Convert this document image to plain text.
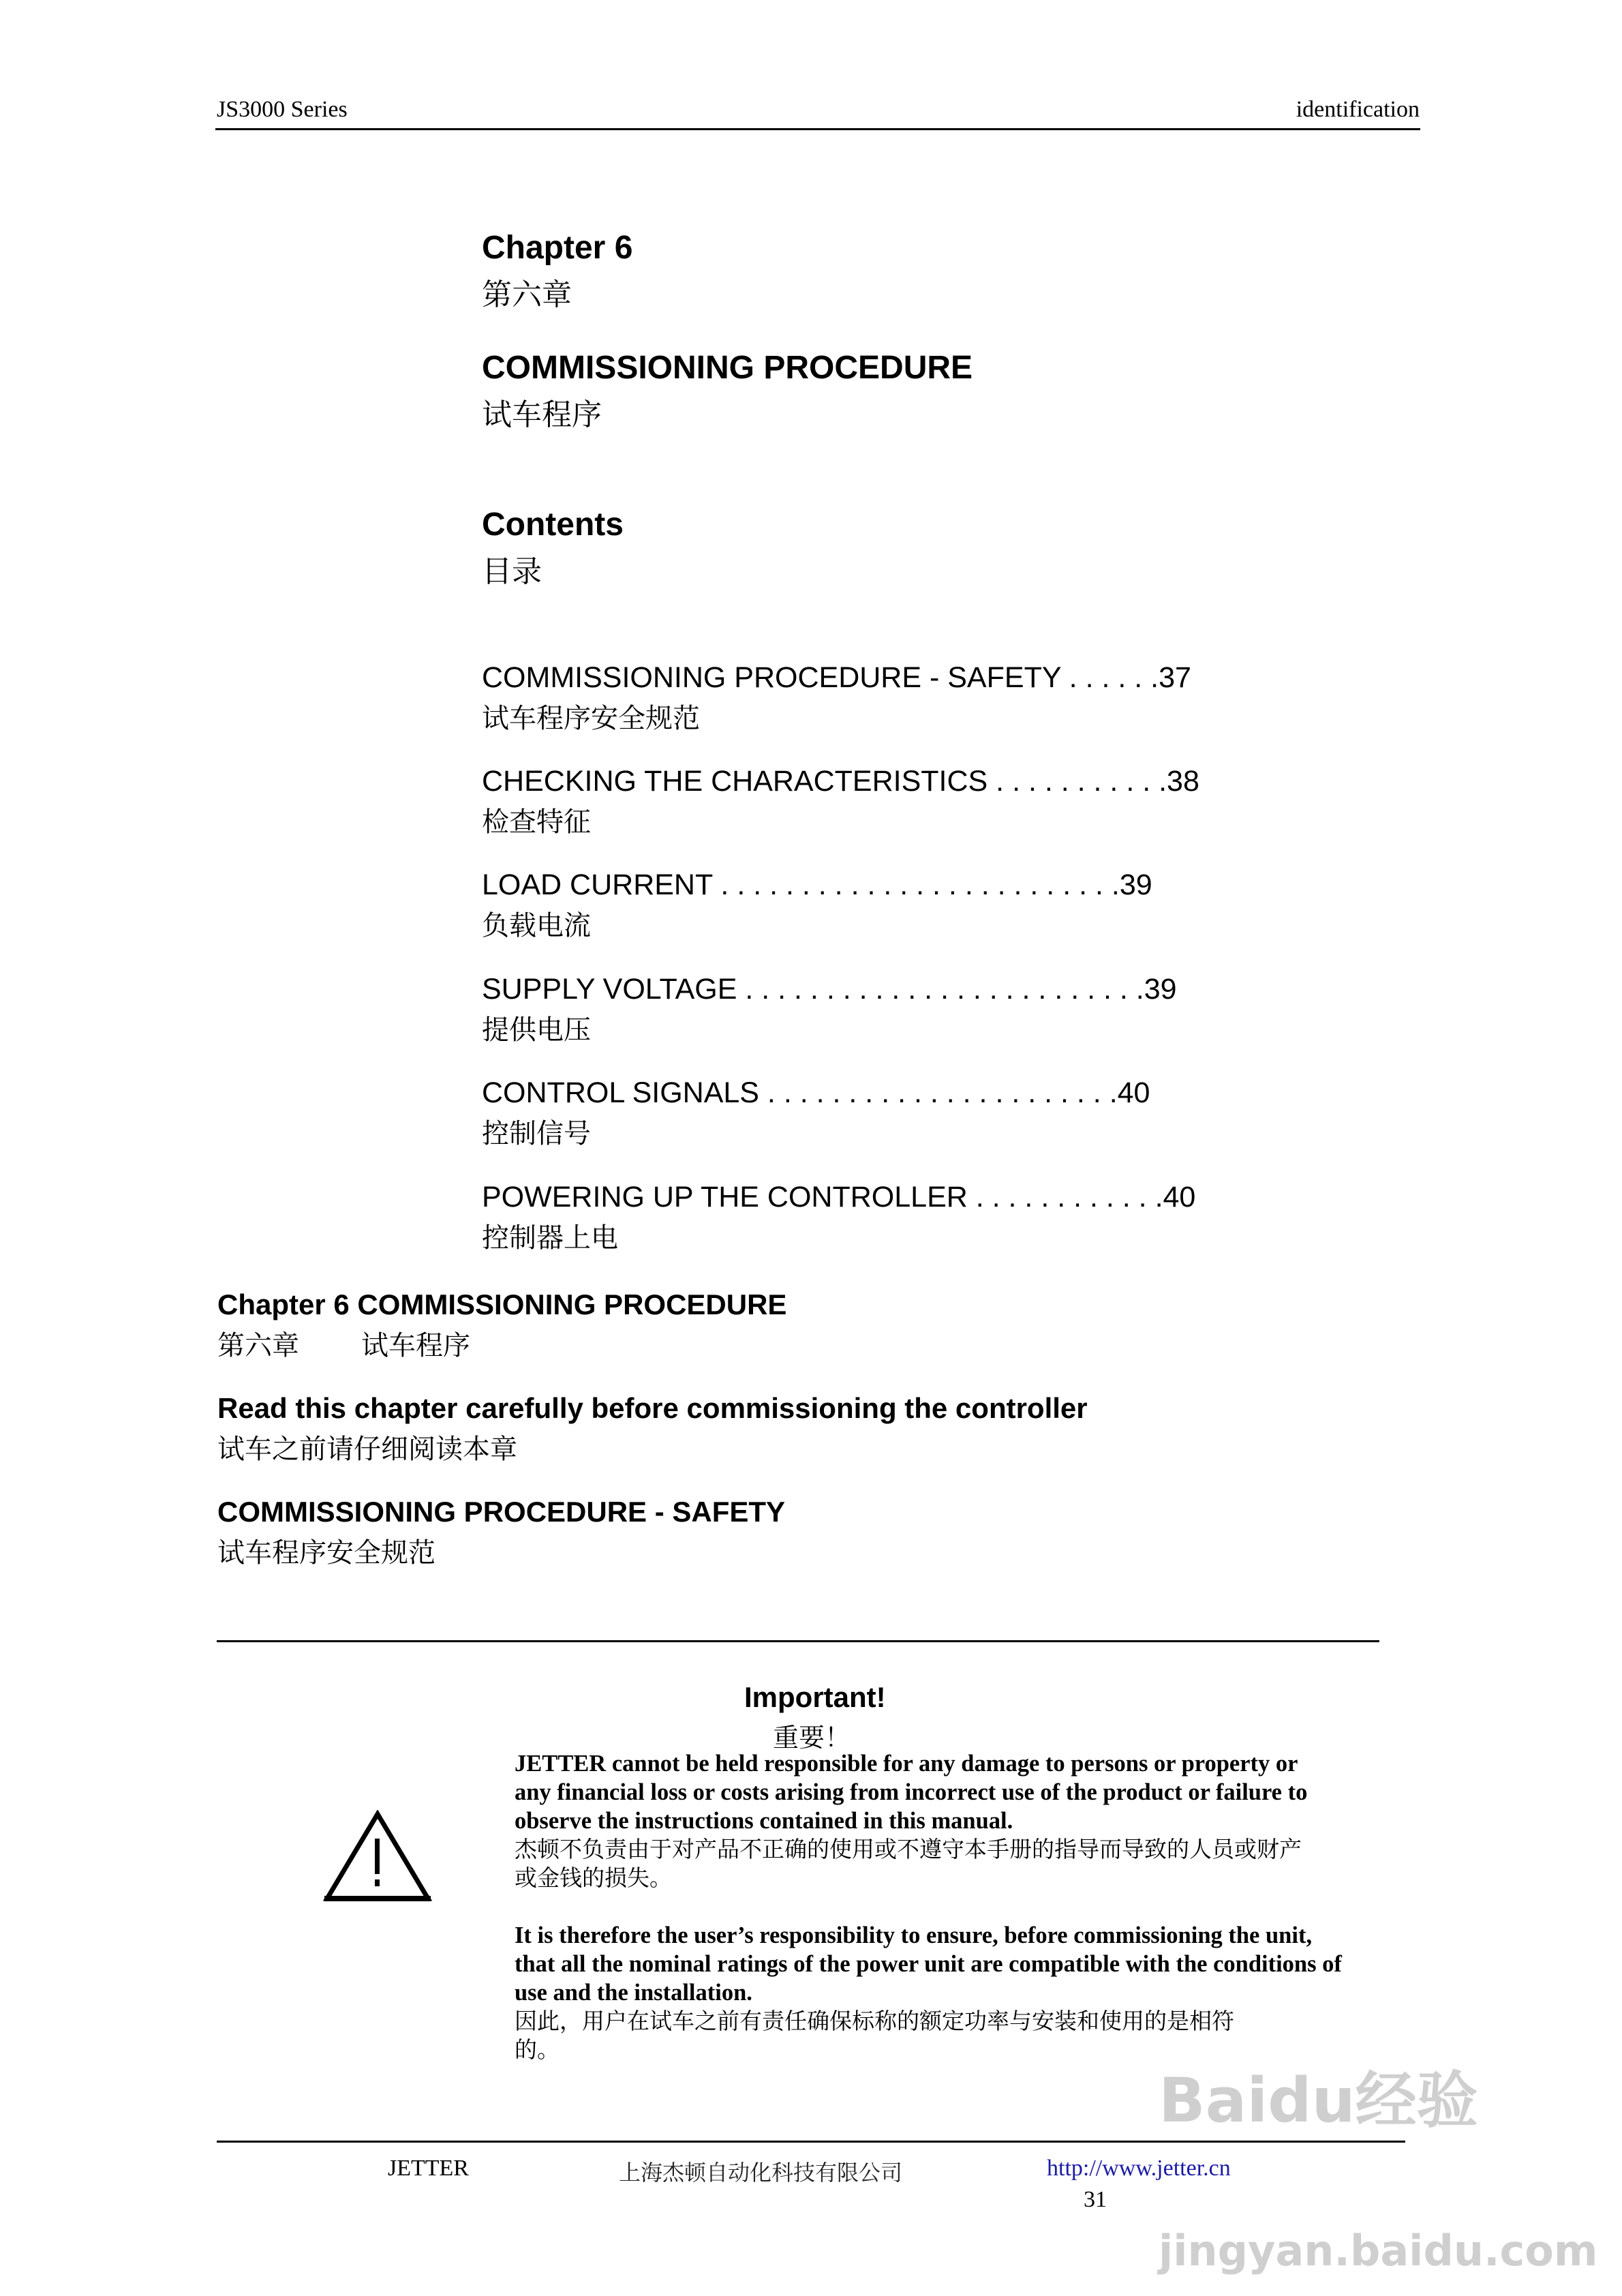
JS3000 Series	identification
Chapter 6
第六章
COMMISSIONING PROCEDURE
试车程序
Contents
目录
COMMISSIONING PROCEDURE - SAFETY . . . . . .37
试车程序安全规范
CHECKING THE CHARACTERISTICS . . . . . . . . . . .38
检查特征
LOAD CURRENT . . . . . . . . . . . . . . . . . . . . . . . . .39
负载电流
SUPPLY VOLTAGE . . . . . . . . . . . . . . . . . . . . . . . . .39
提供电压
CONTROL SIGNALS . . . . . . . . . . . . . . . . . . . . . .40
控制信号
POWERING UP THE CONTROLLER . . . . . . . . . . . .40
控制器上电
Chapter 6 COMMISSIONING PROCEDURE
第六章 试车程序
Read this chapter carefully before commissioning the controller
试车之前请仔细阅读本章
COMMISSIONING PROCEDURE - SAFETY
试车程序安全规范
Important!
重要！
JETTER cannot be held responsible for any damage to persons or property or
any financial loss or costs arising from incorrect use of the product or failure to
observe the instructions contained in this manual.
杰顿不负责由于对产品不正确的使用或不遵守本手册的指导而导致的人员或财产
或金钱的损失。
It is therefore the user’s responsibility to ensure, before commissioning the unit,
that all the nominal ratings of the power unit are compatible with the conditions of
use and the installation.
因此，用户在试车之前有责任确保标称的额定功率与安装和使用的是相符
的。
Baidu经验
JETTER	上海杰顿自动化科技有限公司	http://www.jetter.cn
31
jingyan.baidu.com
